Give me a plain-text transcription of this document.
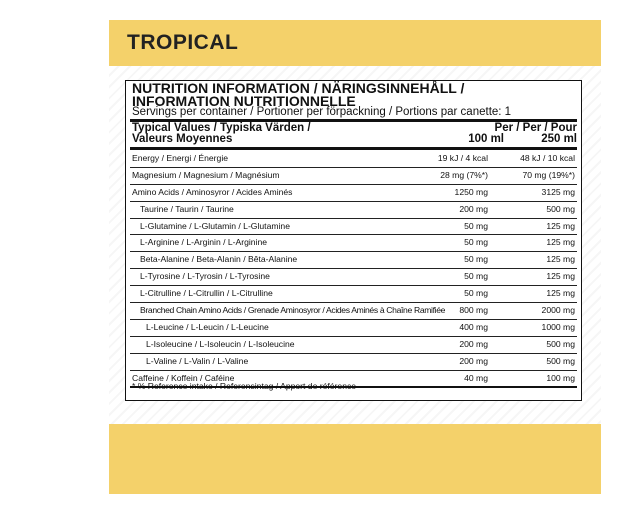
TROPICAL
NUTRITION INFORMATION / NÄRINGSINNEHÅLL /
INFORMATION NUTRITIONNELLE
Servings per container / Portioner per förpackning / Portions par canette: 1
Typical Values / Typiska Värden /
Valeurs Moyennes
Per / Per / Pour
100 ml	250 ml
Energy / Energi / Énergie	19 kJ / 4 kcal	48 kJ / 10 kcal
Magnesium / Magnesium / Magnésium	28 mg (7%*)	70 mg (19%*)
Amino Acids / Aminosyror / Acides Aminés	1250 mg	3125 mg
Taurine / Taurin / Taurine	200 mg	500 mg
L-Glutamine / L-Glutamin / L-Glutamine	50 mg	125 mg
L-Arginine / L-Arginin / L-Arginine	50 mg	125 mg
Beta-Alanine / Beta-Alanin / Bêta-Alanine	50 mg	125 mg
L-Tyrosine / L-Tyrosin / L-Tyrosine	50 mg	125 mg
L-Citrulline / L-Citrullin / L-Citrulline	50 mg	125 mg
Branched Chain Amino Acids / Grenade Aminosyror / Acides Aminés à Chaîne Ramifiée	800 mg	2000 mg
L-Leucine / L-Leucin / L-Leucine	400 mg	1000 mg
L-Isoleucine / L-Isoleucin / L-Isoleucine	200 mg	500 mg
L-Valine / L-Valin / L-Valine	200 mg	500 mg
Caffeine / Koffein / Caféine	40 mg	100 mg
* % Reference intake / Referensintag / Apport de référence
